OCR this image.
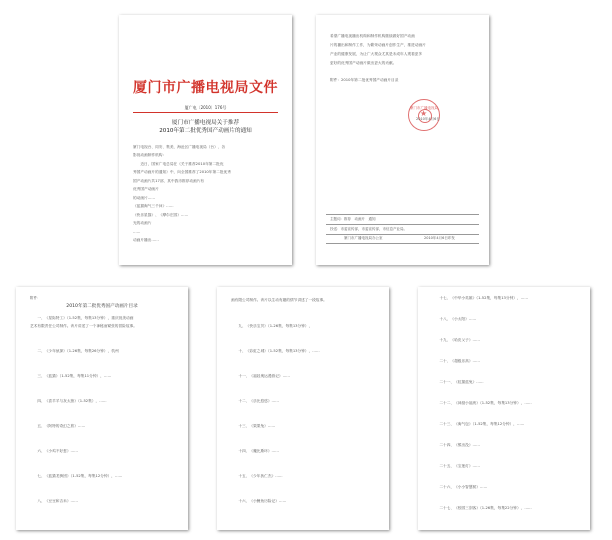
厦门市广播电视局文件
厦广电〔2010〕176号
厦门市广播电视局关于推荐
2010年第二批优秀国产动画片的通知
厦门电视台、同安、集美、海沧区广播电视局（台）、各
影视动画制作机构：
　　近日，国家广电总局在《关于推荐2010年第二批优
秀国产动画片的通知》中，向全国推荐了2010年第二批优秀
国产动画片共17部，其中我市推荐动画片有
优秀国产动画片
的动画片……
《蓝猫淘气三千问》……
《快乐星猫》、《摩尔庄园》……
光的动画片
……
动画片播出……
希望广播电视播出机构和制作机构继续做好国产动画
片的播出和制作工作，为繁荣动画片创作生产，推进动画片
产业的健康发展，为让广大观众尤其是未成年人观看更多
更好的优秀国产动画片做出更大的贡献。
附件：2010年第二批优秀国产动画片目录
★
厦门市广播电视局
2010年4月6日
主题词：推荐　动画片　通知
抄送：市委宣传部，市委宣传部，市信息产业局。
厦门市广播电视局办公室	2010年4月6日印发
附件：
2010年第二批优秀国产动画片目录
　　一、《星际特工》（1-52集，每集13分钟），重庆视美动画
艺术有限责任公司制作。该片讲述了一个神秘而紧张的冒险故事。
　　二、《少年侦探》（1-26集，每集26分钟），杭州
　　三、《蓝猫》（1-52集，每集11分钟），……
　　四、《喜羊羊与灰太狼》（1-52集），……
　　五、《阿特的奇幻之旅》……
　　六、《小鸡不好惹》……
　　七、《蓝猫龙骑团》（1-52集，每集12分钟），……
　　八、《豆豆和吉米》……
画有限公司制作。该片以生动有趣的情节讲述了一段故事。
　　九、《快乐宝贝》（1-26集，每集13分钟），
　　十、《彩虹之城》（1-52集，每集13分钟），……
　　十一、《福娃奥运漫游记》……
　　十二、《乐比悠悠》……
　　十三、《果果兔》……
　　十四、《魔比斯环》……
　　十五、《少年狄仁杰》……
　　十六、《小鲤鱼历险记》……
　　十七、《中华小英雄》（1-52集，每集13分钟），……
　　十八、《小太阳》……
　　十九、《哈皮父子》……
　　二十、《超级乐高》……
　　二十一、《虹猫蓝兔》……
　　二十二、《神厨小福贵》（1-52集，每集13分钟），……
　　二十三、《淘气包》（1-52集，每集12分钟），……
　　二十四、《熊出没》……
　　二十五、《宝莲灯》……
　　二十六、《小小智慧树》……
　　二十七、《校园三剑客》（1-26集，每集22分钟），……
